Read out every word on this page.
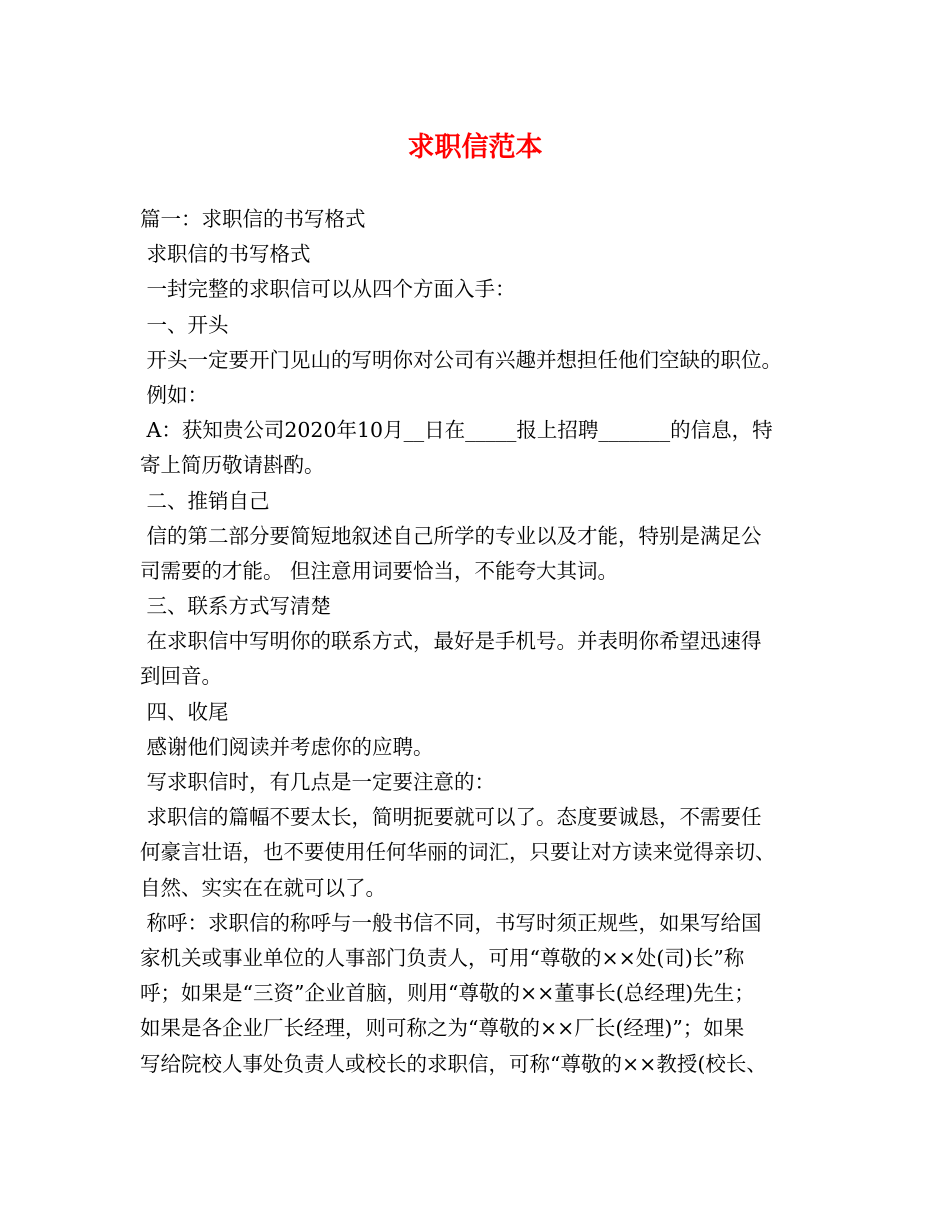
求职信范本
篇一：求职信的书写格式
求职信的书写格式
一封完整的求职信可以从四个方面入手：
一、开头
开头一定要开门见山的写明你对公司有兴趣并想担任他们空缺的职位。
例如：
A：获知贵公司2020年10月__日在_____报上招聘_______的信息，特
寄上简历敬请斟酌。
二、推销自己
信的第二部分要简短地叙述自己所学的专业以及才能，特别是满足公
司需要的才能。 但注意用词要恰当，不能夸大其词。
三、联系方式写清楚
在求职信中写明你的联系方式，最好是手机号。并表明你希望迅速得
到回音。
四、收尾
感谢他们阅读并考虑你的应聘。
写求职信时，有几点是一定要注意的：
求职信的篇幅不要太长，简明扼要就可以了。态度要诚恳，不需要任
何豪言壮语，也不要使用任何华丽的词汇，只要让对方读来觉得亲切、
自然、实实在在就可以了。
称呼：求职信的称呼与一般书信不同，书写时须正规些，如果写给国
家机关或事业单位的人事部门负责人，可用“尊敬的××处(司)长”称
呼；如果是“三资”企业首脑，则用“尊敬的××董事长(总经理)先生；
如果是各企业厂长经理，则可称之为“尊敬的××厂长(经理)”；如果
写给院校人事处负责人或校长的求职信，可称“尊敬的××教授(校长、
